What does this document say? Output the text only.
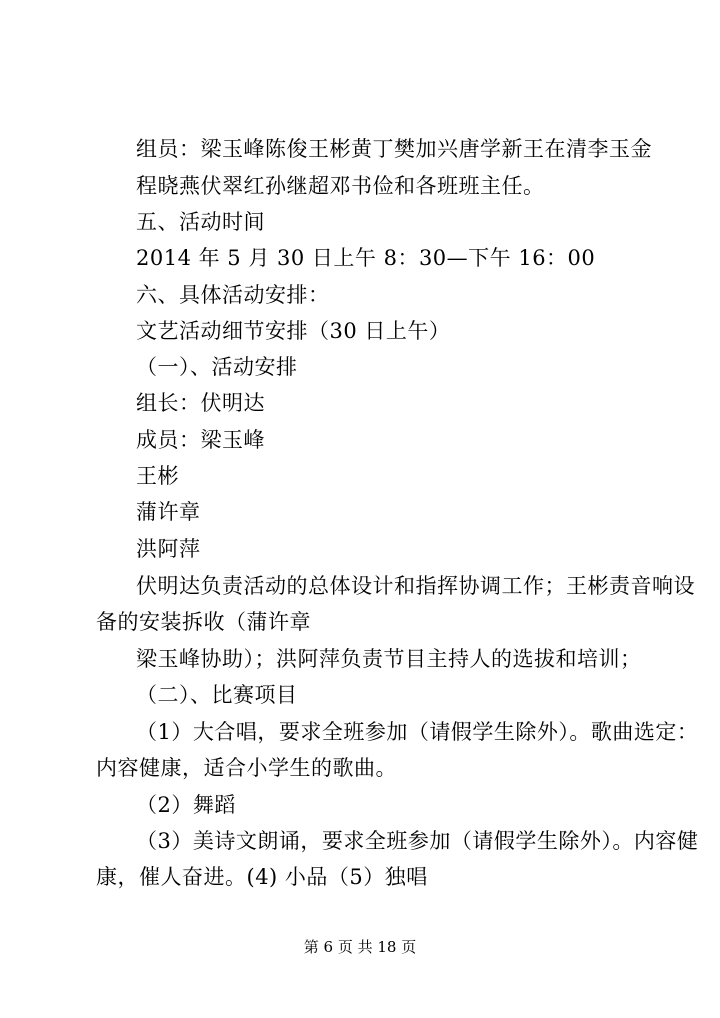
组员：梁玉峰陈俊王彬黄丁樊加兴唐学新王在清李玉金
程晓燕伏翠红孙继超邓书俭和各班班主任。
五、活动时间
2014 年 5 月 30 日上午 8：30—下午 16：00
六、具体活动安排：
文艺活动细节安排（30 日上午）
（一）、活动安排
组长：伏明达
成员：梁玉峰
王彬
蒲许章
洪阿萍
伏明达负责活动的总体设计和指挥协调工作；王彬责音响设
备的安装拆收（蒲许章
梁玉峰协助）；洪阿萍负责节目主持人的选拔和培训；
（二）、比赛项目
（1）大合唱，要求全班参加（请假学生除外）。歌曲选定：
内容健康，适合小学生的歌曲。
（2）舞蹈
（3）美诗文朗诵，要求全班参加（请假学生除外）。内容健
康，催人奋进。(4) 小品（5）独唱
第 6 页 共 18 页
